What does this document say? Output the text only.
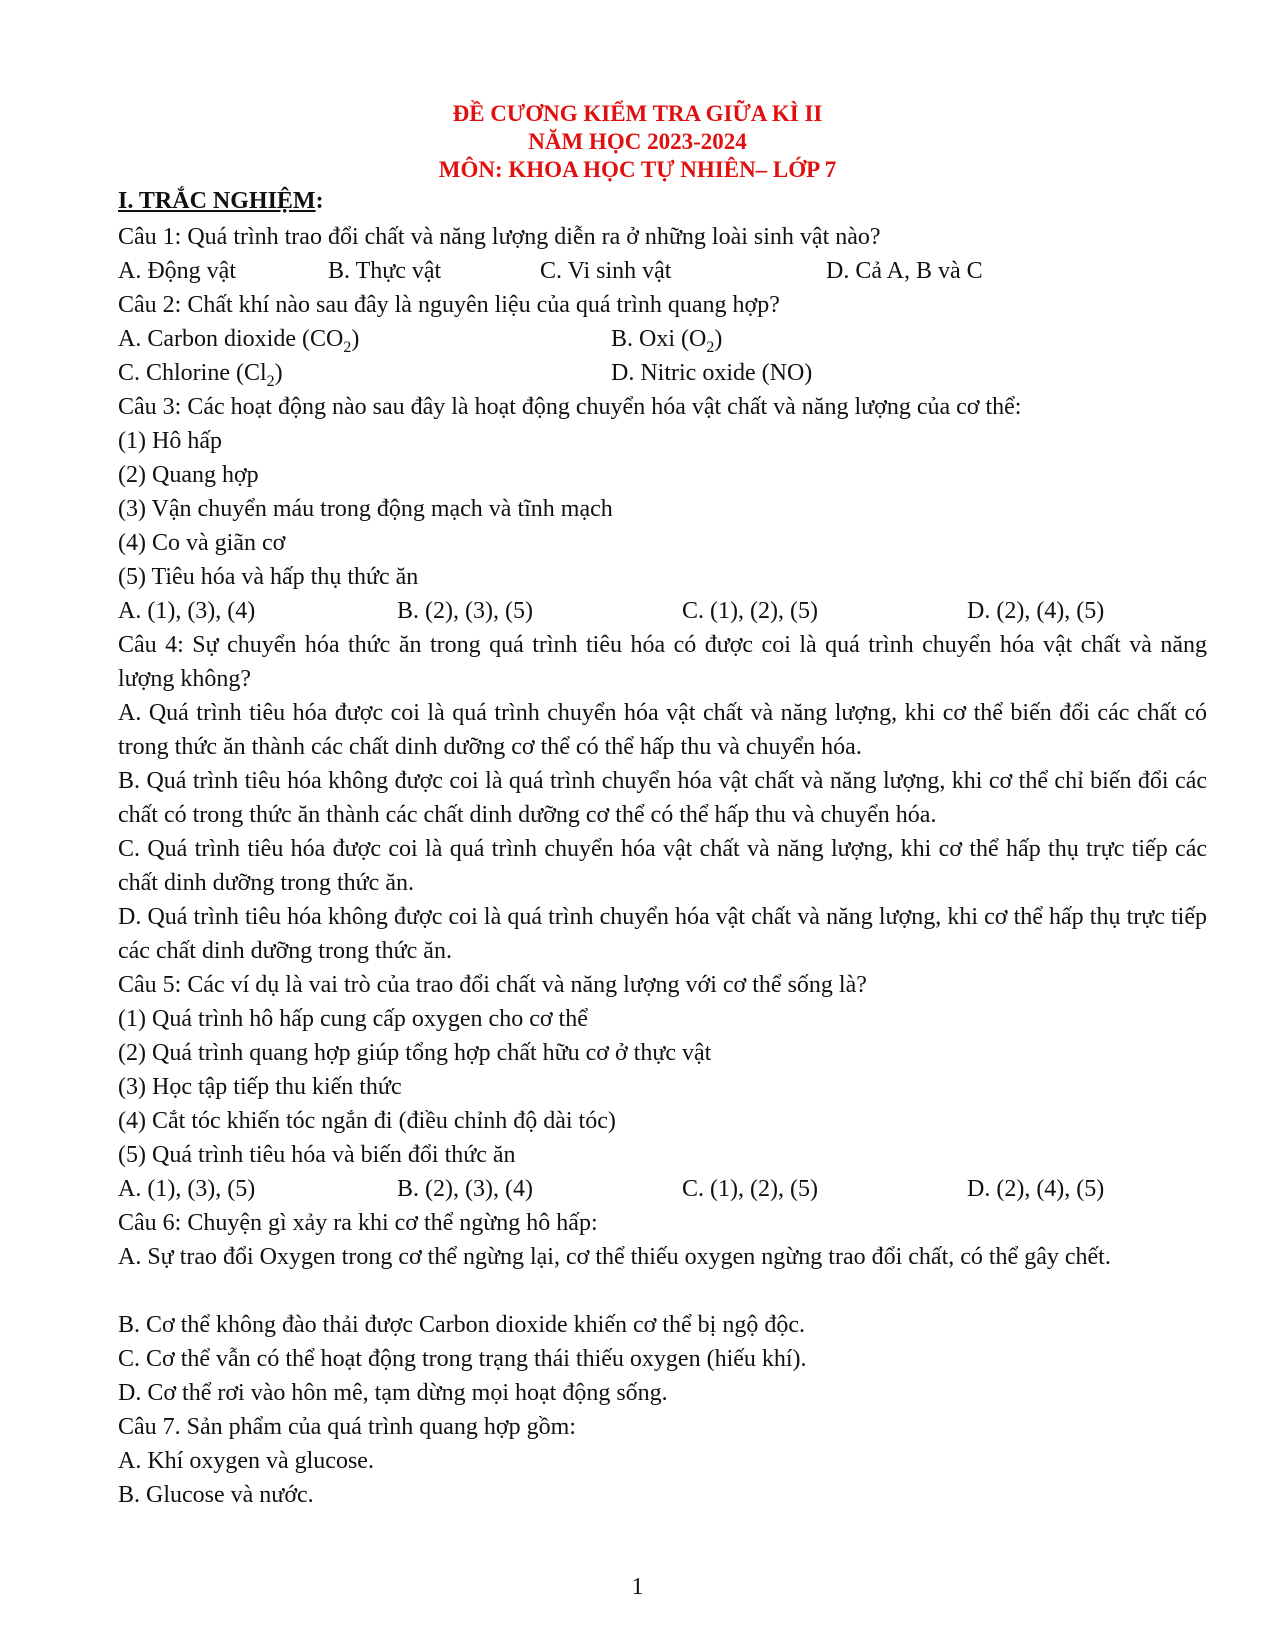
ĐỀ CƯƠNG KIỂM TRA GIỮA KÌ II
NĂM HỌC 2023-2024
MÔN: KHOA HỌC TỰ NHIÊN– LỚP 7
I. TRẮC NGHIỆM:
Câu 1: Quá trình trao đổi chất và năng lượng diễn ra ở những loài sinh vật nào?
A. Động vật	B. Thực vật	C. Vi sinh vật	D. Cả A, B và C
Câu 2: Chất khí nào sau đây là nguyên liệu của quá trình quang hợp?
A. Carbon dioxide $(CO_2)$	B. Oxi $(O_2)$
C. Chlorine $(Cl_2)$	D. Nitric oxide (NO)
Câu 3: Các hoạt động nào sau đây là hoạt động chuyển hóa vật chất và năng lượng của cơ thể:
(1) Hô hấp
(2) Quang hợp
(3) Vận chuyển máu trong động mạch và tĩnh mạch
(4) Co và giãn cơ
(5) Tiêu hóa và hấp thụ thức ăn
A. (1), (3), (4)	B. (2), (3), (5)	C. (1), (2), (5)	D. (2), (4), (5)
Câu 4: Sự chuyển hóa thức ăn trong quá trình tiêu hóa có được coi là quá trình chuyển hóa vật chất và năng lượng không?
A. Quá trình tiêu hóa được coi là quá trình chuyển hóa vật chất và năng lượng, khi cơ thể biến đổi các chất có trong thức ăn thành các chất dinh dưỡng cơ thể có thể hấp thu và chuyển hóa.
B. Quá trình tiêu hóa không được coi là quá trình chuyển hóa vật chất và năng lượng, khi cơ thể chỉ biến đổi các chất có trong thức ăn thành các chất dinh dưỡng cơ thể có thể hấp thu và chuyển hóa.
C. Quá trình tiêu hóa được coi là quá trình chuyển hóa vật chất và năng lượng, khi cơ thể hấp thụ trực tiếp các chất dinh dưỡng trong thức ăn.
D. Quá trình tiêu hóa không được coi là quá trình chuyển hóa vật chất và năng lượng, khi cơ thể hấp thụ trực tiếp các chất dinh dưỡng trong thức ăn.
Câu 5: Các ví dụ là vai trò của trao đổi chất và năng lượng với cơ thể sống là?
(1) Quá trình hô hấp cung cấp oxygen cho cơ thể
(2) Quá trình quang hợp giúp tổng hợp chất hữu cơ ở thực vật
(3) Học tập tiếp thu kiến thức
(4) Cắt tóc khiến tóc ngắn đi (điều chỉnh độ dài tóc)
(5) Quá trình tiêu hóa và biến đổi thức ăn
A. (1), (3), (5)	B. (2), (3), (4)	C. (1), (2), (5)	D. (2), (4), (5)
Câu 6: Chuyện gì xảy ra khi cơ thể ngừng hô hấp:
A. Sự trao đổi Oxygen trong cơ thể ngừng lại, cơ thể thiếu oxygen ngừng trao đổi chất, có thể gây chết.
B. Cơ thể không đào thải được Carbon dioxide khiến cơ thể bị ngộ độc.
C. Cơ thể vẫn có thể hoạt động trong trạng thái thiếu oxygen (hiếu khí).
D. Cơ thể rơi vào hôn mê, tạm dừng mọi hoạt động sống.
Câu 7. Sản phẩm của quá trình quang hợp gồm:
A. Khí oxygen và glucose.
B. Glucose và nước.
1
